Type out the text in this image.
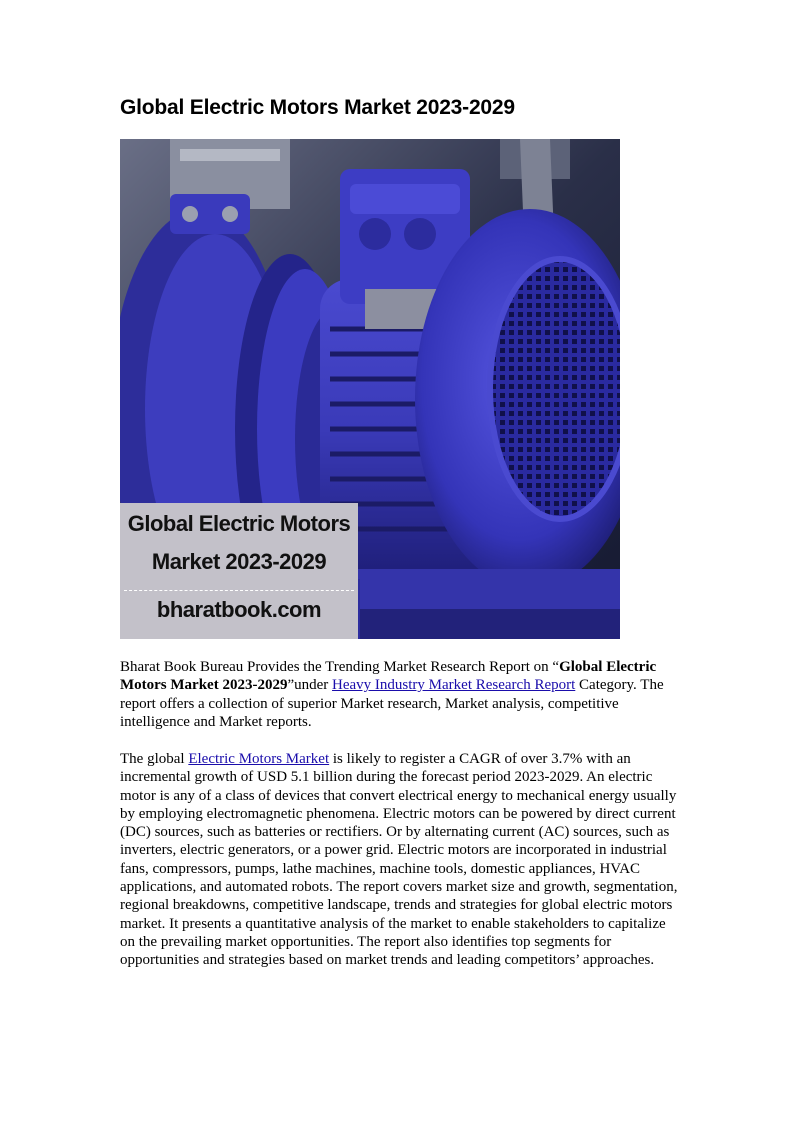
Global Electric Motors Market 2023-2029
Global Electric Motors
Market 2023-2029
bharatbook.com

Bharat Book Bureau Provides the Trending Market Research Report on “Global Electric Motors Market 2023-2029”under Heavy Industry Market Research Report Category. The report offers a collection of superior Market research, Market analysis, competitive intelligence and Market reports.

The global Electric Motors Market is likely to register a CAGR of over 3.7% with an incremental growth of USD 5.1 billion during the forecast period 2023-2029. An electric motor is any of a class of devices that convert electrical energy to mechanical energy usually by employing electromagnetic phenomena. Electric motors can be powered by direct current (DC) sources, such as batteries or rectifiers. Or by alternating current (AC) sources, such as inverters, electric generators, or a power grid. Electric motors are incorporated in industrial fans, compressors, pumps, lathe machines, machine tools, domestic appliances, HVAC applications, and automated robots. The report covers market size and growth, segmentation, regional breakdowns, competitive landscape, trends and strategies for global electric motors market. It presents a quantitative analysis of the market to enable stakeholders to capitalize on the prevailing market opportunities. The report also identifies top segments for opportunities and strategies based on market trends and leading competitors’ approaches.
